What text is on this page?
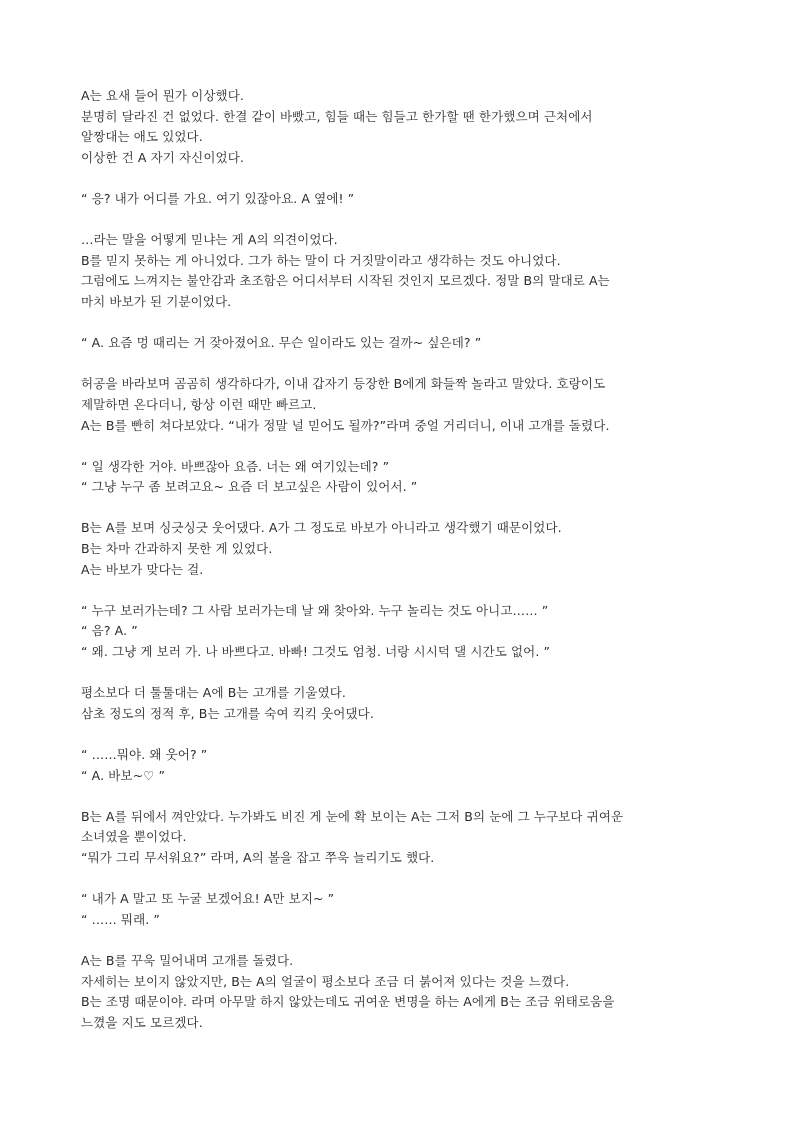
A는 요새 들어 뭔가 이상했다.
분명히 달라진 건 없었다. 한결 같이 바빴고, 힘들 때는 힘들고 한가할 땐 한가했으며 근처에서
알짱대는 애도 있었다.
이상한 건 A 자기 자신이었다.
“ 응? 내가 어디를 가요. 여기 있잖아요. A 옆에! ”
…라는 말을 어떻게 믿냐는 게 A의 의견이었다.
B를 믿지 못하는 게 아니었다. 그가 하는 말이 다 거짓말이라고 생각하는 것도 아니었다.
그럼에도 느껴지는 불안감과 초조함은 어디서부터 시작된 것인지 모르겠다. 정말 B의 말대로 A는
마치 바보가 된 기분이었다.
“ A. 요즘 멍 때리는 거 잦아졌어요. 무슨 일이라도 있는 걸까~ 싶은데? ”
허공을 바라보며 곰곰히 생각하다가, 이내 갑자기 등장한 B에게 화들짝 놀라고 말았다. 호랑이도
제말하면 온다더니, 항상 이런 때만 빠르고.
A는 B를 빤히 쳐다보았다. “내가 정말 널 믿어도 될까?”라며 중얼 거리더니, 이내 고개를 돌렸다.
“ 일 생각한 거야. 바쁘잖아 요즘. 너는 왜 여기있는데? ”
“ 그냥 누구 좀 보려고요~ 요즘 더 보고싶은 사람이 있어서. ”
B는 A를 보며 싱긋싱긋 웃어댔다. A가 그 정도로 바보가 아니라고 생각했기 때문이었다.
B는 차마 간과하지 못한 게 있었다.
A는 바보가 맞다는 걸.
“ 누구 보러가는데? 그 사람 보러가는데 날 왜 찾아와. 누구 놀리는 것도 아니고…… ”
“ 음? A. ”
“ 왜. 그냥 게 보러 가. 나 바쁘다고. 바빠! 그것도 엄청. 너랑 시시덕 댈 시간도 없어. ”
평소보다 더 툴툴대는 A에 B는 고개를 기울였다.
삼초 정도의 정적 후, B는 고개를 숙여 킥킥 웃어댔다.
“ ……뭐야. 왜 웃어? ”
“ A. 바보~♡ ”
B는 A를 뒤에서 껴안았다. 누가봐도 비진 게 눈에 확 보이는 A는 그저 B의 눈에 그 누구보다 귀여운
소녀였을 뿐이었다.
“뭐가 그리 무서워요?” 라며, A의 볼을 잡고 쭈욱 늘리기도 했다.
“ 내가 A 말고 또 누굴 보겠어요! A만 보지~ ”
“ …… 뭐래. ”
A는 B를 꾸욱 밀어내며 고개를 돌렸다.
자세히는 보이지 않았지만, B는 A의 얼굴이 평소보다 조금 더 붉어져 있다는 것을 느꼈다.
B는 조명 때문이야. 라며 아무말 하지 않았는데도 귀여운 변명을 하는 A에게 B는 조금 위태로움을
느꼈을 지도 모르겠다.
